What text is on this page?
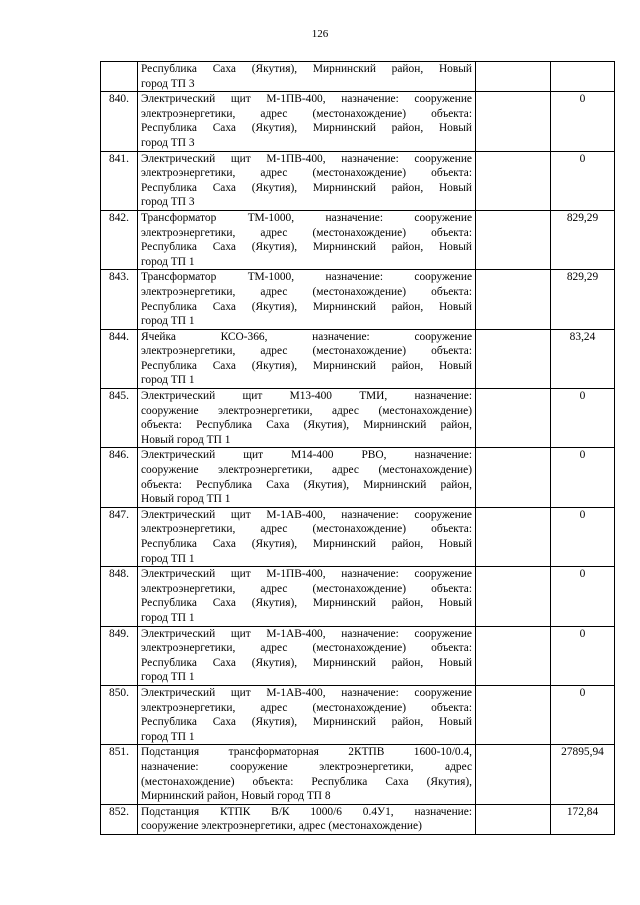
126

	Республика Саха (Якутия), Мирнинский район, Новый
город ТП 3		

840.	Электрический щит М-1ПВ-400, назначение: сооружение
электроэнергетики, адрес (местонахождение) объекта:
Республика Саха (Якутия), Мирнинский район, Новый
город ТП 3		0
841.	Электрический щит М-1ПВ-400, назначение: сооружение
электроэнергетики, адрес (местонахождение) объекта:
Республика Саха (Якутия), Мирнинский район, Новый
город ТП 3		0
842.	Трансформатор ТМ-1000, назначение: сооружение
электроэнергетики, адрес (местонахождение) объекта:
Республика Саха (Якутия), Мирнинский район, Новый
город ТП 1		829,29
843.	Трансформатор ТМ-1000, назначение: сооружение
электроэнергетики, адрес (местонахождение) объекта:
Республика Саха (Якутия), Мирнинский район, Новый
город ТП 1		829,29
844.	Ячейка КСО-366, назначение: сооружение
электроэнергетики, адрес (местонахождение) объекта:
Республика Саха (Якутия), Мирнинский район, Новый
город ТП 1		83,24
845.	Электрический щит М13-400 ТМИ, назначение:
сооружение электроэнергетики, адрес (местонахождение)
объекта: Республика Саха (Якутия), Мирнинский район,
Новый город ТП 1		0
846.	Электрический щит М14-400 РВО, назначение:
сооружение электроэнергетики, адрес (местонахождение)
объекта: Республика Саха (Якутия), Мирнинский район,
Новый город ТП 1		0
847.	Электрический щит М-1АВ-400, назначение: сооружение
электроэнергетики, адрес (местонахождение) объекта:
Республика Саха (Якутия), Мирнинский район, Новый
город ТП 1		0
848.	Электрический щит М-1ПВ-400, назначение: сооружение
электроэнергетики, адрес (местонахождение) объекта:
Республика Саха (Якутия), Мирнинский район, Новый
город ТП 1		0
849.	Электрический щит М-1АВ-400, назначение: сооружение
электроэнергетики, адрес (местонахождение) объекта:
Республика Саха (Якутия), Мирнинский район, Новый
город ТП 1		0
850.	Электрический щит М-1АВ-400, назначение: сооружение
электроэнергетики, адрес (местонахождение) объекта:
Республика Саха (Якутия), Мирнинский район, Новый
город ТП 1		0
851.	Подстанция трансформаторная 2КТПВ 1600-10/0.4,
назначение: сооружение электроэнергетики, адрес
(местонахождение) объекта: Республика Саха (Якутия),
Мирнинский район, Новый город ТП 8		27895,94
852.	Подстанция КТПК В/К 1000/6 0.4У1, назначение:
сооружение электроэнергетики, адрес (местонахождение)		172,84
